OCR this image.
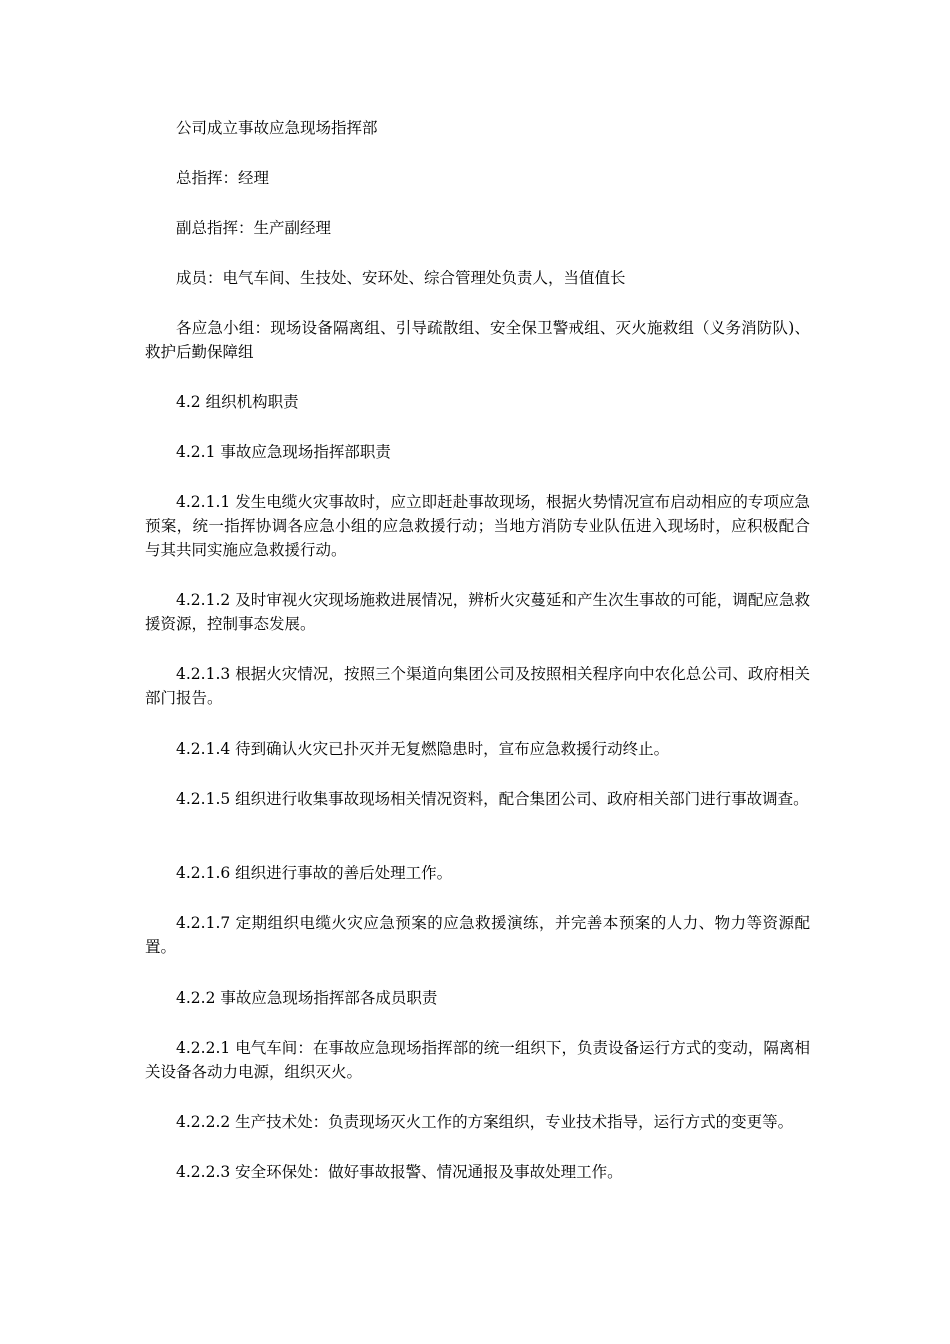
公司成立事故应急现场指挥部

总指挥：经理

副总指挥：生产副经理

成员：电气车间、生技处、安环处、综合管理处负责人，当值值长

各应急小组：现场设备隔离组、引导疏散组、安全保卫警戒组、灭火施救组（义务消防队)、救护后勤保障组

4.2 组织机构职责

4.2.1 事故应急现场指挥部职责

4.2.1.1 发生电缆火灾事故时，应立即赶赴事故现场，根据火势情况宣布启动相应的专项应急预案，统一指挥协调各应急小组的应急救援行动；当地方消防专业队伍进入现场时，应积极配合与其共同实施应急救援行动。

4.2.1.2 及时审视火灾现场施救进展情况，辨析火灾蔓延和产生次生事故的可能，调配应急救援资源，控制事态发展。

4.2.1.3 根据火灾情况，按照三个渠道向集团公司及按照相关程序向中农化总公司、政府相关部门报告。

4.2.1.4 待到确认火灾已扑灭并无复燃隐患时，宣布应急救援行动终止。

4.2.1.5 组织进行收集事故现场相关情况资料，配合集团公司、政府相关部门进行事故调查。

4.2.1.6 组织进行事故的善后处理工作。

4.2.1.7 定期组织电缆火灾应急预案的应急救援演练，并完善本预案的人力、物力等资源配置。

4.2.2 事故应急现场指挥部各成员职责

4.2.2.1 电气车间：在事故应急现场指挥部的统一组织下，负责设备运行方式的变动，隔离相关设备各动力电源，组织灭火。

4.2.2.2 生产技术处：负责现场灭火工作的方案组织，专业技术指导，运行方式的变更等。

4.2.2.3 安全环保处：做好事故报警、情况通报及事故处理工作。
